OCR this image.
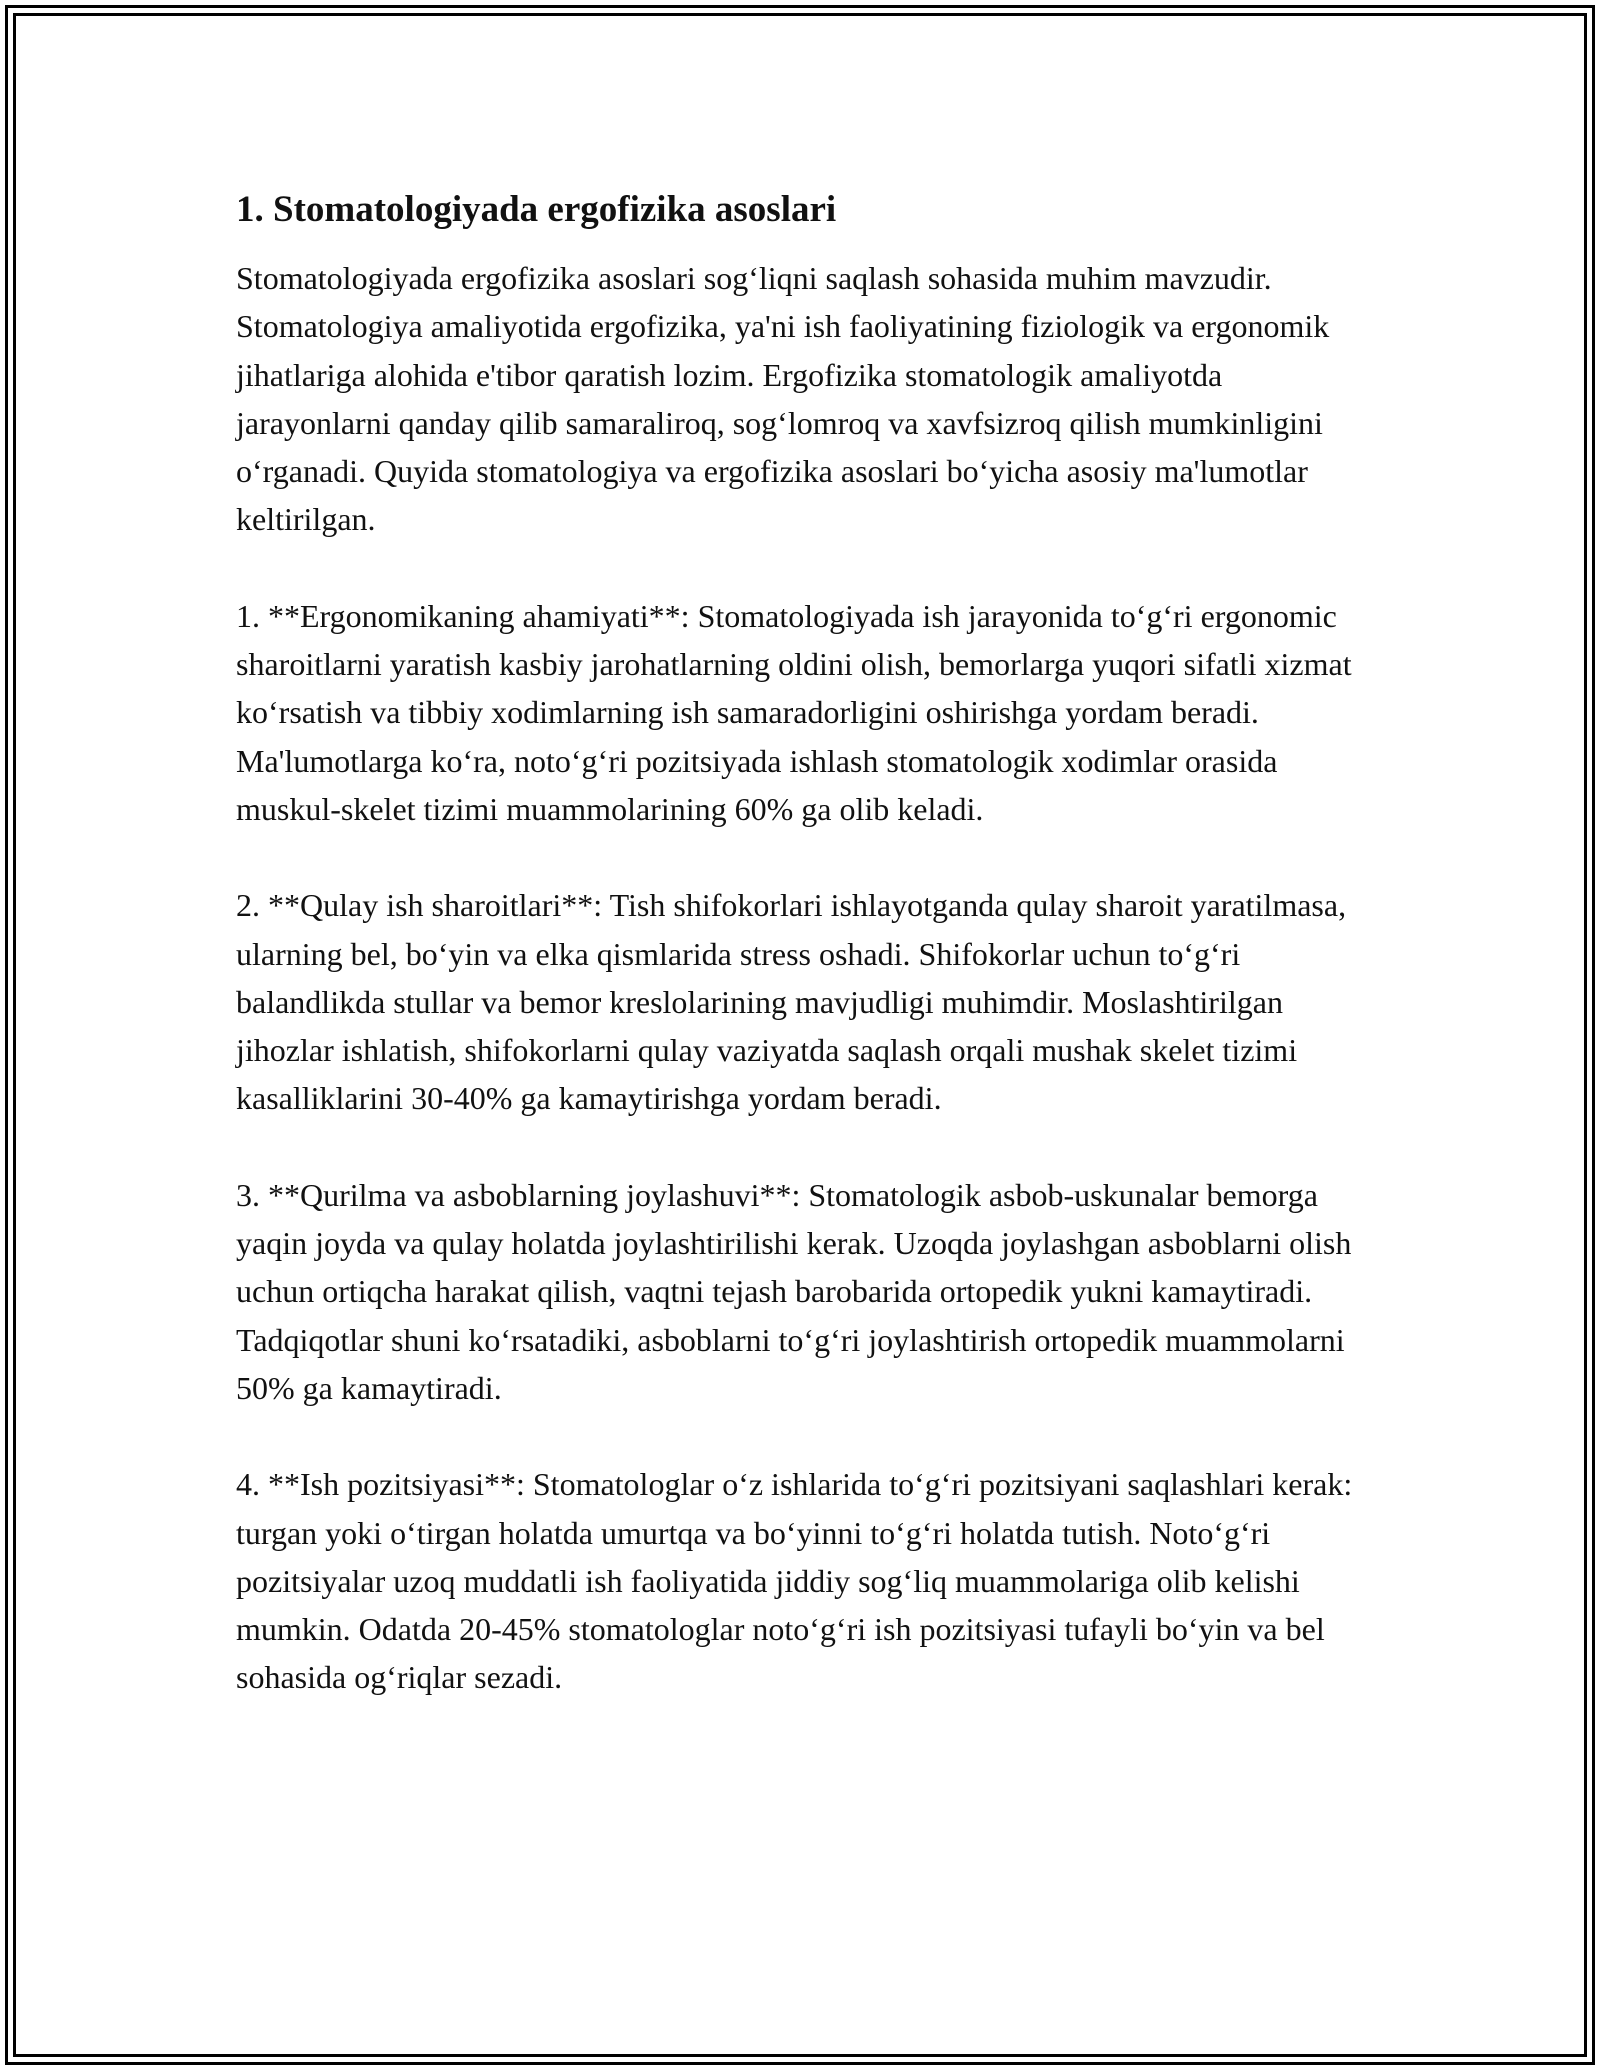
1. Stomatologiyada ergofizika asoslari

Stomatologiyada ergofizika asoslari sog‘liqni saqlash sohasida muhim mavzudir. Stomatologiya amaliyotida ergofizika, ya'ni ish faoliyatining fiziologik va ergonomik jihatlariga alohida e'tibor qaratish lozim. Ergofizika stomatologik amaliyotda jarayonlarni qanday qilib samaraliroq, sog‘lomroq va xavfsizroq qilish mumkinligini o‘rganadi. Quyida stomatologiya va ergofizika asoslari bo‘yicha asosiy ma'lumotlar keltirilgan.

1. **Ergonomikaning ahamiyati**: Stomatologiyada ish jarayonida to‘g‘ri ergonomic sharoitlarni yaratish kasbiy jarohatlarning oldini olish, bemorlarga yuqori sifatli xizmat ko‘rsatish va tibbiy xodimlarning ish samaradorligini oshirishga yordam beradi. Ma'lumotlarga ko‘ra, noto‘g‘ri pozitsiyada ishlash stomatologik xodimlar orasida muskul-skelet tizimi muammolarining 60% ga olib keladi.

2. **Qulay ish sharoitlari**: Tish shifokorlari ishlayotganda qulay sharoit yaratilmasa, ularning bel, bo‘yin va elka qismlarida stress oshadi. Shifokorlar uchun to‘g‘ri balandlikda stullar va bemor kreslolarining mavjudligi muhimdir. Moslashtirilgan jihozlar ishlatish, shifokorlarni qulay vaziyatda saqlash orqali mushak skelet tizimi kasalliklarini 30-40% ga kamaytirishga yordam beradi.

3. **Qurilma va asboblarning joylashuvi**: Stomatologik asbob-uskunalar bemorga yaqin joyda va qulay holatda joylashtirilishi kerak. Uzoqda joylashgan asboblarni olish uchun ortiqcha harakat qilish, vaqtni tejash barobarida ortopedik yukni kamaytiradi. Tadqiqotlar shuni ko‘rsatadiki, asboblarni to‘g‘ri joylashtirish ortopedik muammolarni 50% ga kamaytiradi.

4. **Ish pozitsiyasi**: Stomatologlar o‘z ishlarida to‘g‘ri pozitsiyani saqlashlari kerak: turgan yoki o‘tirgan holatda umurtqa va bo‘yinni to‘g‘ri holatda tutish. Noto‘g‘ri pozitsiyalar uzoq muddatli ish faoliyatida jiddiy sog‘liq muammolariga olib kelishi mumkin. Odatda 20-45% stomatologlar noto‘g‘ri ish pozitsiyasi tufayli bo‘yin va bel sohasida og‘riqlar sezadi.
